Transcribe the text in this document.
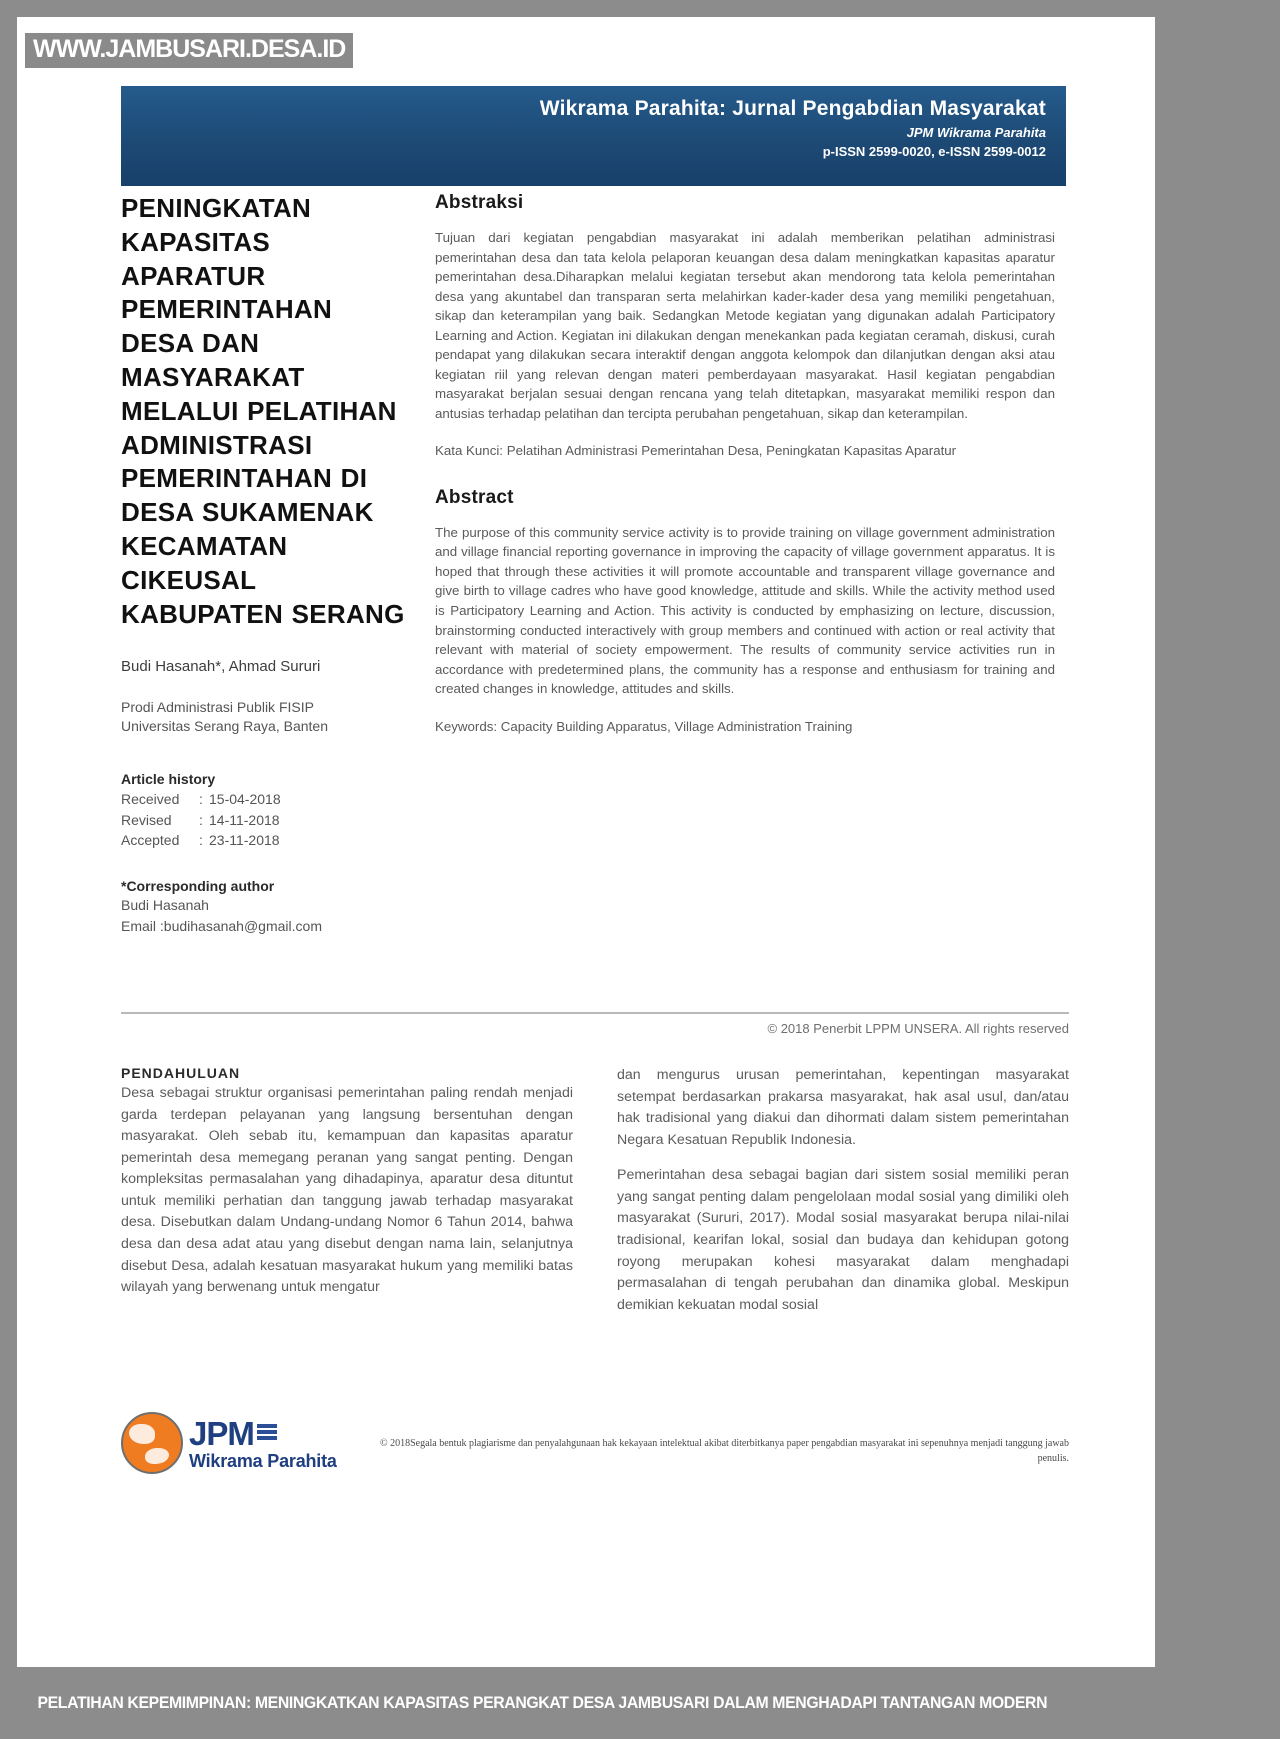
Wikrama Parahita: Jurnal Pengabdian Masyarakat
JPM Wikrama Parahita
p-ISSN 2599-0020, e-ISSN 2599-0012
PENINGKATAN KAPASITAS APARATUR PEMERINTAHAN DESA DAN MASYARAKAT MELALUI PELATIHAN ADMINISTRASI PEMERINTAHAN DI DESA SUKAMENAK KECAMATAN CIKEUSAL KABUPATEN SERANG
Budi Hasanah*, Ahmad Sururi
Prodi Administrasi Publik FISIP
Universitas Serang Raya, Banten
Article history
Received	: 15-04-2018
Revised	: 14-11-2018
Accepted	: 23-11-2018
*Corresponding author
Budi Hasanah
Email :budihasanah@gmail.com
Abstraksi

Tujuan dari kegiatan pengabdian masyarakat ini adalah memberikan pelatihan administrasi pemerintahan desa dan tata kelola pelaporan keuangan desa dalam meningkatkan kapasitas aparatur pemerintahan desa.Diharapkan melalui kegiatan tersebut akan mendorong tata kelola pemerintahan desa yang akuntabel dan transparan serta melahirkan kader-kader desa yang memiliki pengetahuan, sikap dan keterampilan yang baik. Sedangkan Metode kegiatan yang digunakan adalah Participatory Learning and Action. Kegiatan ini dilakukan dengan menekankan pada kegiatan ceramah, diskusi, curah pendapat yang dilakukan secara interaktif dengan anggota kelompok dan dilanjutkan dengan aksi atau kegiatan riil yang relevan dengan materi pemberdayaan masyarakat. Hasil kegiatan pengabdian masyarakat berjalan sesuai dengan rencana yang telah ditetapkan, masyarakat memiliki respon dan antusias terhadap pelatihan dan tercipta perubahan pengetahuan, sikap dan keterampilan.

Kata Kunci: Pelatihan Administrasi Pemerintahan Desa, Peningkatan Kapasitas Aparatur

Abstract

The purpose of this community service activity is to provide training on village government administration and village financial reporting governance in improving the capacity of village government apparatus. It is hoped that through these activities it will promote accountable and transparent village governance and give birth to village cadres who have good knowledge, attitude and skills. While the activity method used is Participatory Learning and Action. This activity is conducted by emphasizing on lecture, discussion, brainstorming conducted interactively with group members and continued with action or real activity that relevant with material of society empowerment. The results of community service activities run in accordance with predetermined plans, the community has a response and enthusiasm for training and created changes in knowledge, attitudes and skills.

Keywords: Capacity Building Apparatus, Village Administration Training

© 2018 Penerbit LPPM UNSERA. All rights reserved
PENDAHULUAN

Desa sebagai struktur organisasi pemerintahan paling rendah menjadi garda terdepan pelayanan yang langsung bersentuhan dengan masyarakat. Oleh sebab itu, kemampuan dan kapasitas aparatur pemerintah desa memegang peranan yang sangat penting. Dengan kompleksitas permasalahan yang dihadapinya, aparatur desa dituntut untuk memiliki perhatian dan tanggung jawab terhadap masyarakat desa. Disebutkan dalam Undang-undang Nomor 6 Tahun 2014, bahwa desa dan desa adat atau yang disebut dengan nama lain, selanjutnya disebut Desa, adalah kesatuan masyarakat hukum yang memiliki batas wilayah yang berwenang untuk mengatur

dan mengurus urusan pemerintahan, kepentingan masyarakat setempat berdasarkan prakarsa masyarakat, hak asal usul, dan/atau hak tradisional yang diakui dan dihormati dalam sistem pemerintahan Negara Kesatuan Republik Indonesia.

Pemerintahan desa sebagai bagian dari sistem sosial memiliki peran yang sangat penting dalam pengelolaan modal sosial yang dimiliki oleh masyarakat (Sururi, 2017). Modal sosial masyarakat berupa nilai-nilai tradisional, kearifan lokal, sosial dan budaya dan kehidupan gotong royong merupakan kohesi masyarakat dalam menghadapi permasalahan di tengah perubahan dan dinamika global. Meskipun demikian kekuatan modal sosial

JPM

Wikrama Parahita
© 2018Segala bentuk plagiarisme dan penyalahgunaan hak kekayaan intelektual akibat diterbitkanya paper pengabdian masyarakat ini sepenuhnya menjadi tanggung jawab penulis.
WWW.JAMBUSARI.DESA.ID
PELATIHAN KEPEMIMPINAN: MENINGKATKAN KAPASITAS PERANGKAT DESA JAMBUSARI DALAM MENGHADAPI TANTANGAN MODERN
